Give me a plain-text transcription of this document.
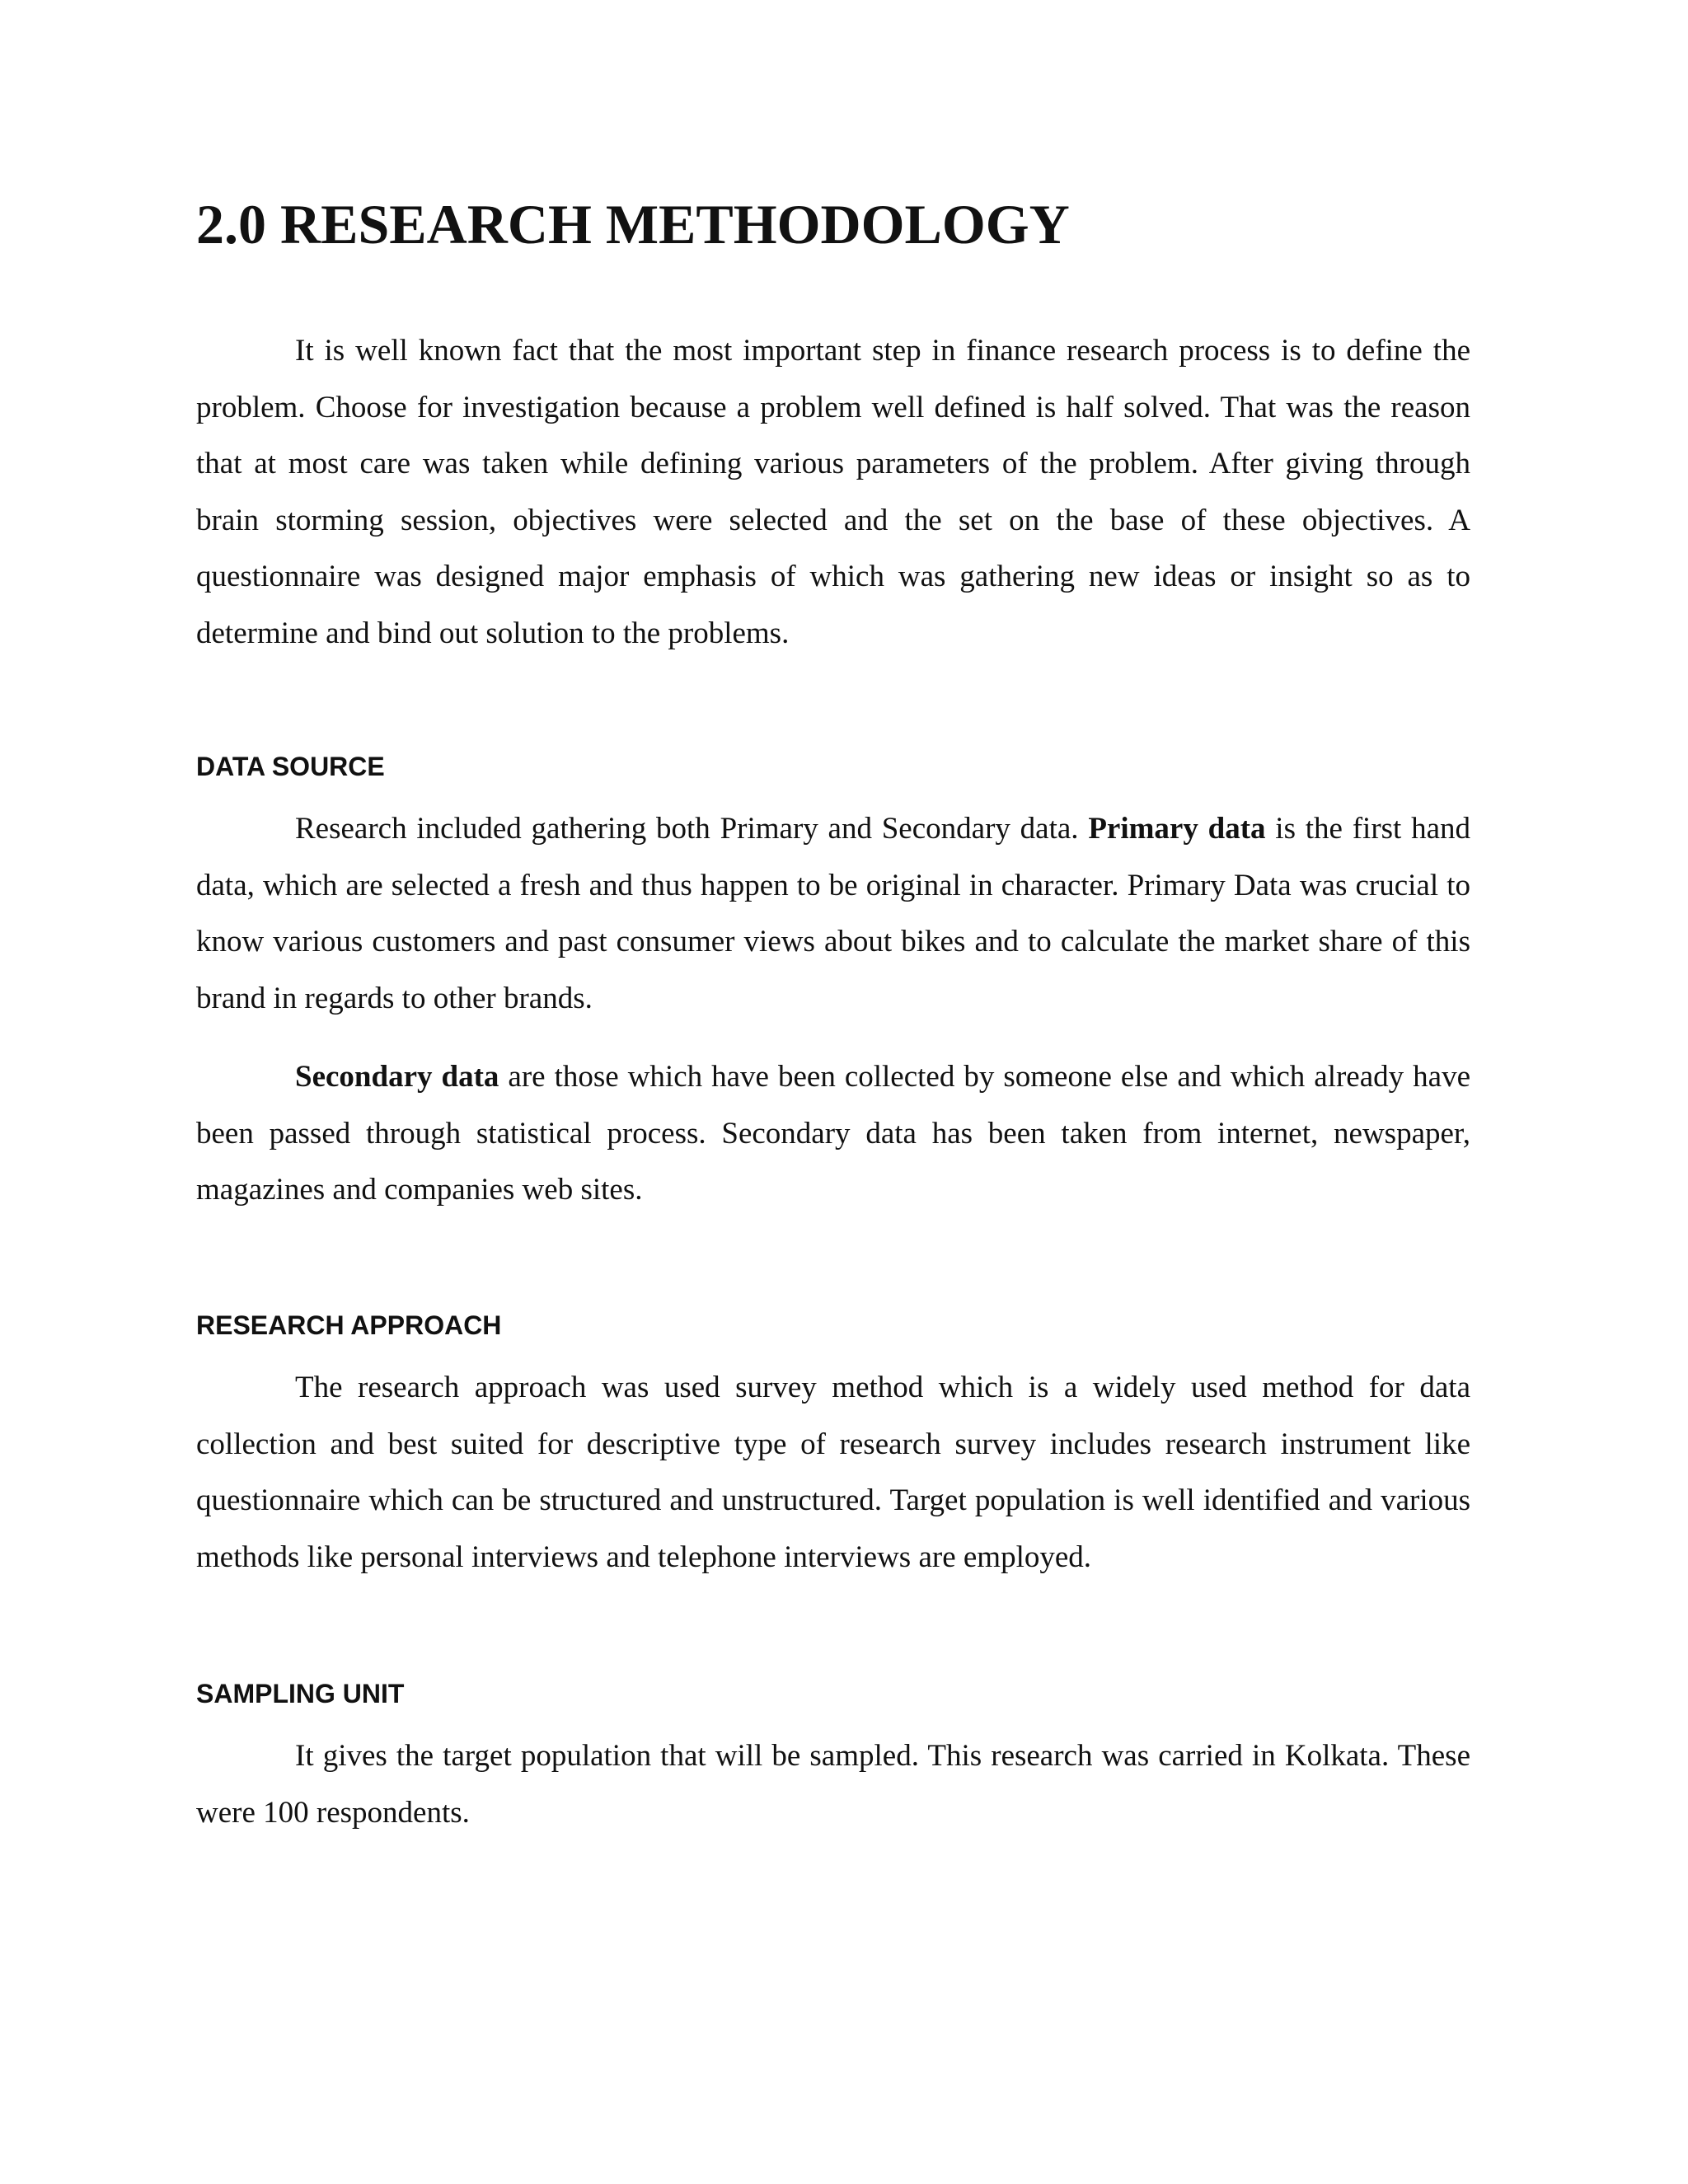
2.0 RESEARCH METHODOLOGY

It is well known fact that the most important step in finance research process is to define the problem. Choose for investigation because a problem well defined is half solved. That was the reason that at most care was taken while defining various parameters of the problem. After giving through brain storming session, objectives were selected and the set on the base of these objectives. A questionnaire was designed major emphasis of which was gathering new ideas or insight so as to determine and bind out solution to the problems.

DATA SOURCE

Research included gathering both Primary and Secondary data. Primary data is the first hand data, which are selected a fresh and thus happen to be original in character. Primary Data was crucial to know various customers and past consumer views about bikes and to calculate the market share of this brand in regards to other brands.

Secondary data are those which have been collected by someone else and which already have been passed through statistical process. Secondary data has been taken from internet, newspaper, magazines and companies web sites.

RESEARCH APPROACH

The research approach was used survey method which is a widely used method for data collection and best suited for descriptive type of research survey includes research instrument like questionnaire which can be structured and unstructured. Target population is well identified and various methods like personal interviews and telephone interviews are employed.

SAMPLING UNIT

It gives the target population that will be sampled. This research was carried in Kolkata. These were 100 respondents.
